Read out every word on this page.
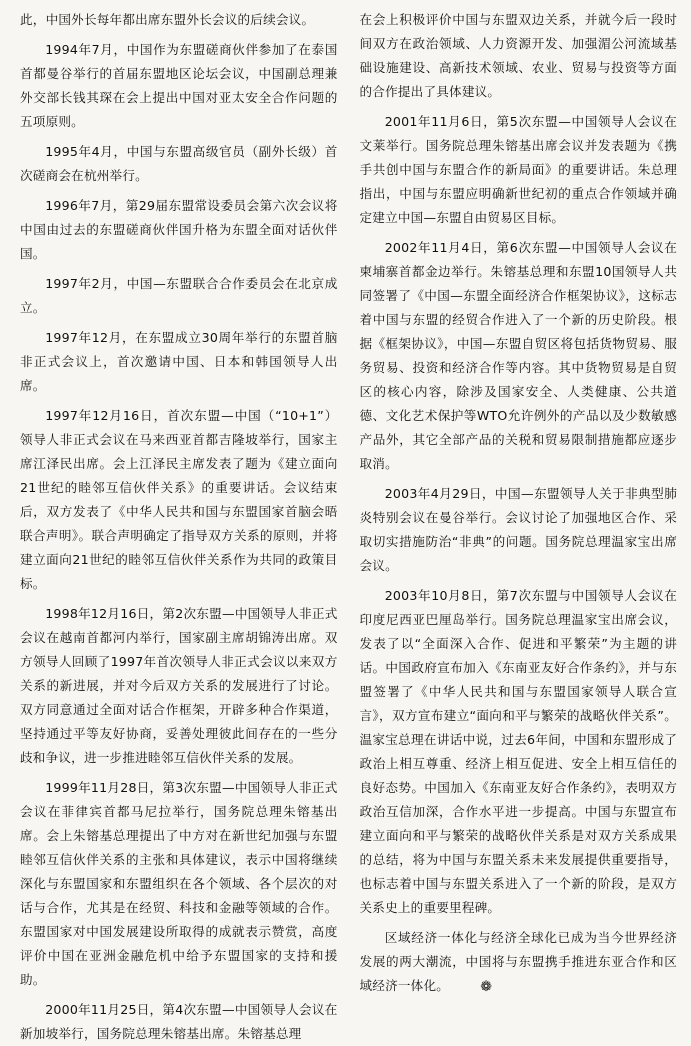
此，中国外长每年都出席东盟外长会议的后续会议。

1994年7月，中国作为东盟磋商伙伴参加了在泰国首都曼谷举行的首届东盟地区论坛会议，中国副总理兼外交部长钱其琛在会上提出中国对亚太安全合作问题的五项原则。

1995年4月，中国与东盟高级官员（副外长级）首次磋商会在杭州举行。

1996年7月，第29届东盟常设委员会第六次会议将中国由过去的东盟磋商伙伴国升格为东盟全面对话伙伴国。

1997年2月，中国—东盟联合合作委员会在北京成立。

1997年12月，在东盟成立30周年举行的东盟首脑非正式会议上，首次邀请中国、日本和韩国领导人出席。

1997年12月16日，首次东盟—中国（“10+1”）领导人非正式会议在马来西亚首都吉隆坡举行，国家主席江泽民出席。会上江泽民主席发表了题为《建立面向21世纪的睦邻互信伙伴关系》的重要讲话。会议结束后，双方发表了《中华人民共和国与东盟国家首脑会晤联合声明》。联合声明确定了指导双方关系的原则，并将建立面向21世纪的睦邻互信伙伴关系作为共同的政策目标。

1998年12月16日，第2次东盟—中国领导人非正式会议在越南首都河内举行，国家副主席胡锦涛出席。双方领导人回顾了1997年首次领导人非正式会议以来双方关系的新进展，并对今后双方关系的发展进行了讨论。双方同意通过全面对话合作框架，开辟多种合作渠道，坚持通过平等友好协商，妥善处理彼此间存在的一些分歧和争议，进一步推进睦邻互信伙伴关系的发展。

1999年11月28日，第3次东盟—中国领导人非正式会议在菲律宾首都马尼拉举行，国务院总理朱镕基出席。会上朱镕基总理提出了中方对在新世纪加强与东盟睦邻互信伙伴关系的主张和具体建议，表示中国将继续深化与东盟国家和东盟组织在各个领域、各个层次的对话与合作，尤其是在经贸、科技和金融等领域的合作。东盟国家对中国发展建设所取得的成就表示赞赏，高度评价中国在亚洲金融危机中给予东盟国家的支持和援助。

2000年11月25日，第4次东盟—中国领导人会议在新加坡举行，国务院总理朱镕基出席。朱镕基总理

在会上积极评价中国与东盟双边关系，并就今后一段时间双方在政治领域、人力资源开发、加强湄公河流域基础设施建设、高新技术领域、农业、贸易与投资等方面的合作提出了具体建议。

2001年11月6日，第5次东盟—中国领导人会议在文莱举行。国务院总理朱镕基出席会议并发表题为《携手共创中国与东盟合作的新局面》的重要讲话。朱总理指出，中国与东盟应明确新世纪初的重点合作领域并确定建立中国—东盟自由贸易区目标。

2002年11月4日，第6次东盟—中国领导人会议在柬埔寨首都金边举行。朱镕基总理和东盟10国领导人共同签署了《中国—东盟全面经济合作框架协议》，这标志着中国与东盟的经贸合作进入了一个新的历史阶段。根据《框架协议》，中国—东盟自贸区将包括货物贸易、服务贸易、投资和经济合作等内容。其中货物贸易是自贸区的核心内容，除涉及国家安全、人类健康、公共道德、文化艺术保护等WTO允许例外的产品以及少数敏感产品外，其它全部产品的关税和贸易限制措施都应逐步取消。

2003年4月29日，中国—东盟领导人关于非典型肺炎特别会议在曼谷举行。会议讨论了加强地区合作、采取切实措施防治“非典”的问题。国务院总理温家宝出席会议。

2003年10月8日，第7次东盟与中国领导人会议在印度尼西亚巴厘岛举行。国务院总理温家宝出席会议，发表了以“全面深入合作、促进和平繁荣”为主题的讲话。中国政府宣布加入《东南亚友好合作条约》，并与东盟签署了《中华人民共和国与东盟国家领导人联合宣言》，双方宣布建立“面向和平与繁荣的战略伙伴关系”。温家宝总理在讲话中说，过去6年间，中国和东盟形成了政治上相互尊重、经济上相互促进、安全上相互信任的良好态势。中国加入《东南亚友好合作条约》，表明双方政治互信加深，合作水平进一步提高。中国与东盟宣布建立面向和平与繁荣的战略伙伴关系是对双方关系成果的总结，将为中国与东盟关系未来发展提供重要指导，也标志着中国与东盟关系进入了一个新的阶段，是双方关系史上的重要里程碑。

区域经济一体化与经济全球化已成为当今世界经济发展的两大潮流，中国将与东盟携手推进东亚合作和区域经济一体化。 ❁
